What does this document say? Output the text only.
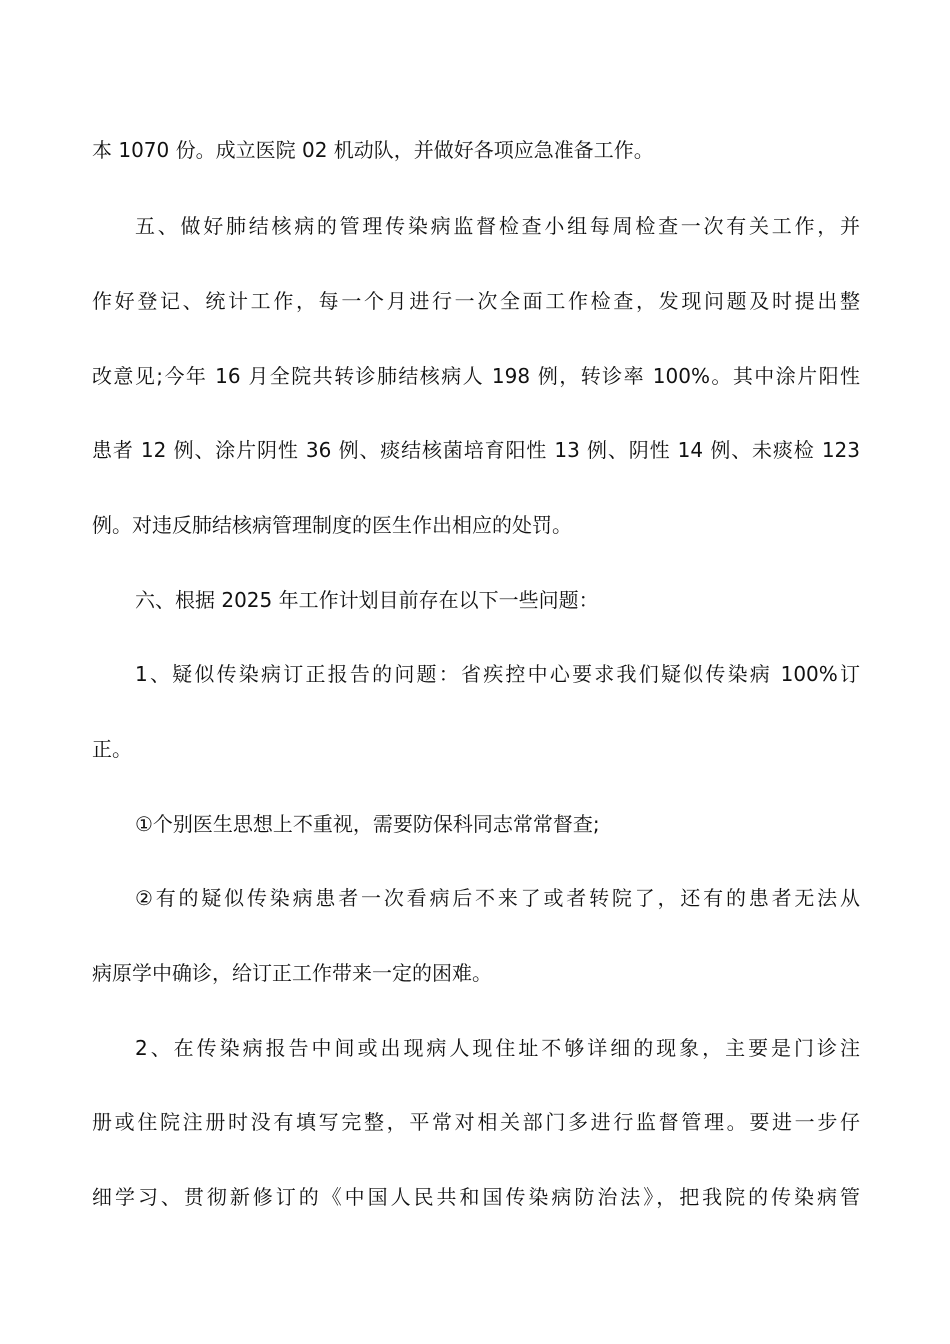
本 1070 份。成立医院 02 机动队，并做好各项应急准备工作。
五、做好肺结核病的管理传染病监督检查小组每周检查一次有关工作，并
作好登记、统计工作，每一个月进行一次全面工作检查，发现问题及时提出整
改意见;今年 16 月全院共转诊肺结核病人 198 例，转诊率 100%。其中涂片阳性
患者 12 例、涂片阴性 36 例、痰结核菌培育阳性 13 例、阴性 14 例、未痰检 123
例。对违反肺结核病管理制度的医生作出相应的处罚。
六、根据 2025 年工作计划目前存在以下一些问题：
1、疑似传染病订正报告的问题：省疾控中心要求我们疑似传染病 100%订
正。
①个别医生思想上不重视，需要防保科同志常常督查;
②有的疑似传染病患者一次看病后不来了或者转院了，还有的患者无法从
病原学中确诊，给订正工作带来一定的困难。
2、在传染病报告中间或出现病人现住址不够详细的现象，主要是门诊注
册或住院注册时没有填写完整，平常对相关部门多进行监督管理。要进一步仔
细学习、贯彻新修订的《中国人民共和国传染病防治法》，把我院的传染病管
